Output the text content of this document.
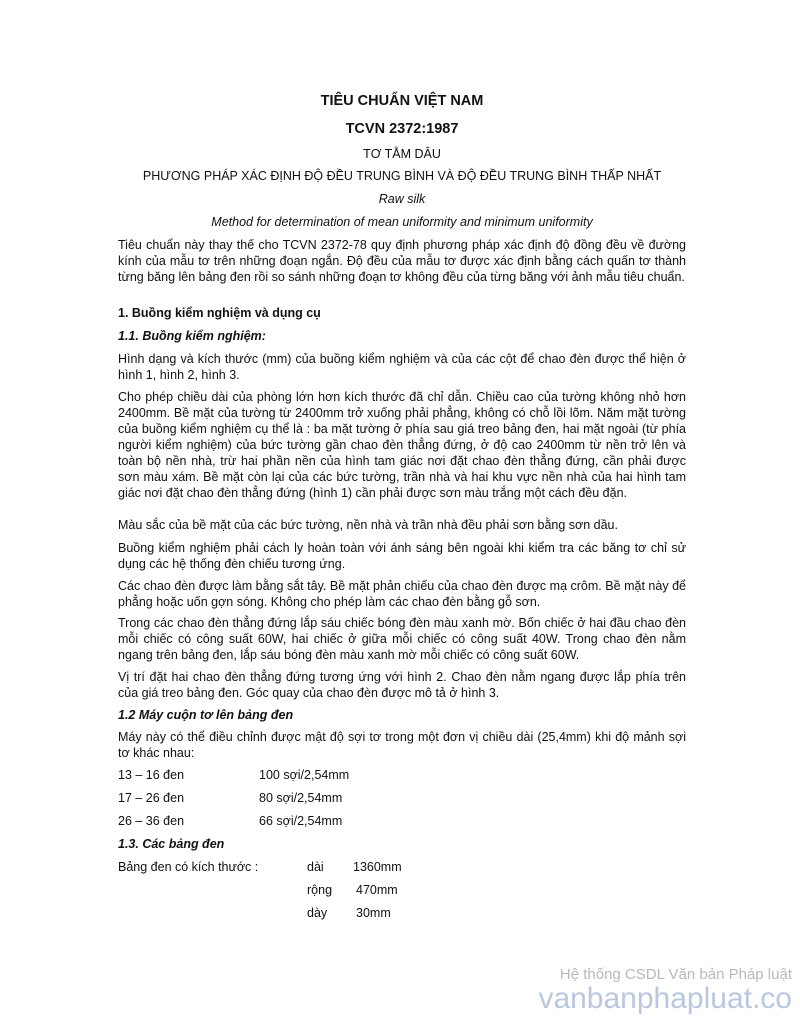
TIÊU CHUẨN VIỆT NAM
TCVN 2372:1987
TƠ TẰM DÂU
PHƯƠNG PHÁP XÁC ĐỊNH ĐỘ ĐỀU TRUNG BÌNH VÀ ĐỘ ĐỀU TRUNG BÌNH THẤP NHẤT
Raw silk
Method for determination of mean uniformity and minimum uniformity
Tiêu chuẩn này thay thế cho TCVN 2372-78 quy định phương pháp xác định độ đồng đều về đường kính của mẫu tơ trên những đoạn ngắn. Độ đều của mẫu tơ được xác định bằng cách quấn tơ thành từng băng lên bảng đen rồi so sánh những đoạn tơ không đều của từng băng với ảnh mẫu tiêu chuẩn.
1. Buồng kiểm nghiệm và dụng cụ
1.1. Buồng kiểm nghiệm:
Hình dạng và kích thước (mm) của buồng kiểm nghiệm và của các cột để chao đèn được thể hiện ở hình 1, hình 2, hình 3.
Cho phép chiều dài của phòng lớn hơn kích thước đã chỉ dẫn. Chiều cao của tường không nhỏ hơn 2400mm. Bề mặt của tường từ 2400mm trở xuống phải phẳng, không có chỗ lồi lõm. Năm mặt tường của buồng kiểm nghiệm cụ thể là : ba mặt tường ở phía sau giá treo bảng đen, hai mặt ngoài (từ phía người kiểm nghiệm) của bức tường gần chao đèn thẳng đứng, ở độ cao 2400mm từ nền trở lên và toàn bộ nền nhà, trừ hai phần nền của hình tam giác nơi đặt chao đèn thẳng đứng, cần phải được sơn màu xám. Bề mặt còn lại của các bức tường, trần nhà và hai khu vực nền nhà của hai hình tam giác nơi đặt chao đèn thẳng đứng (hình 1) cần phải được sơn màu trắng một cách đều đặn.
Màu sắc của bề mặt của các bức tường, nền nhà và trần nhà đều phải sơn bằng sơn dầu.
Buồng kiểm nghiệm phải cách ly hoàn toàn với ánh sáng bên ngoài khi kiểm tra các băng tơ chỉ sử dụng các hệ thống đèn chiếu tương ứng.
Các chao đèn được làm bằng sắt tây. Bề mặt phản chiếu của chao đèn được mạ crôm. Bề mặt này để phẳng hoặc uốn gợn sóng. Không cho phép làm các chao đèn bằng gỗ sơn.
Trong các chao đèn thẳng đứng lắp sáu chiếc bóng đèn màu xanh mờ. Bốn chiếc ở hai đầu chao đèn mỗi chiếc có công suất 60W, hai chiếc ở giữa mỗi chiếc có công suất 40W. Trong chao đèn nằm ngang trên bảng đen, lắp sáu bóng đèn màu xanh mờ mỗi chiếc có công suất 60W.
Vị trí đặt hai chao đèn thẳng đứng tương ứng với hình 2. Chao đèn nằm ngang được lắp phía trên của giá treo bảng đen. Góc quay của chao đèn được mô tả ở hình 3.
1.2 Máy cuộn tơ lên bảng đen
Máy này có thể điều chỉnh được mật độ sợi tơ trong một đơn vị chiều dài (25,4mm) khi độ mảnh sợi tơ khác nhau:
13 – 16 đen	100 sợi/2,54mm
17 – 26 đen	80 sợi/2,54mm
26 – 36 đen	66 sợi/2,54mm
1.3. Các bảng đen
Bảng đen có kích thước :	dài 1360mm
rộng 470mm
dày 30mm
Hệ thống CSDL Văn bản Pháp luật
vanbanphapluat.co
